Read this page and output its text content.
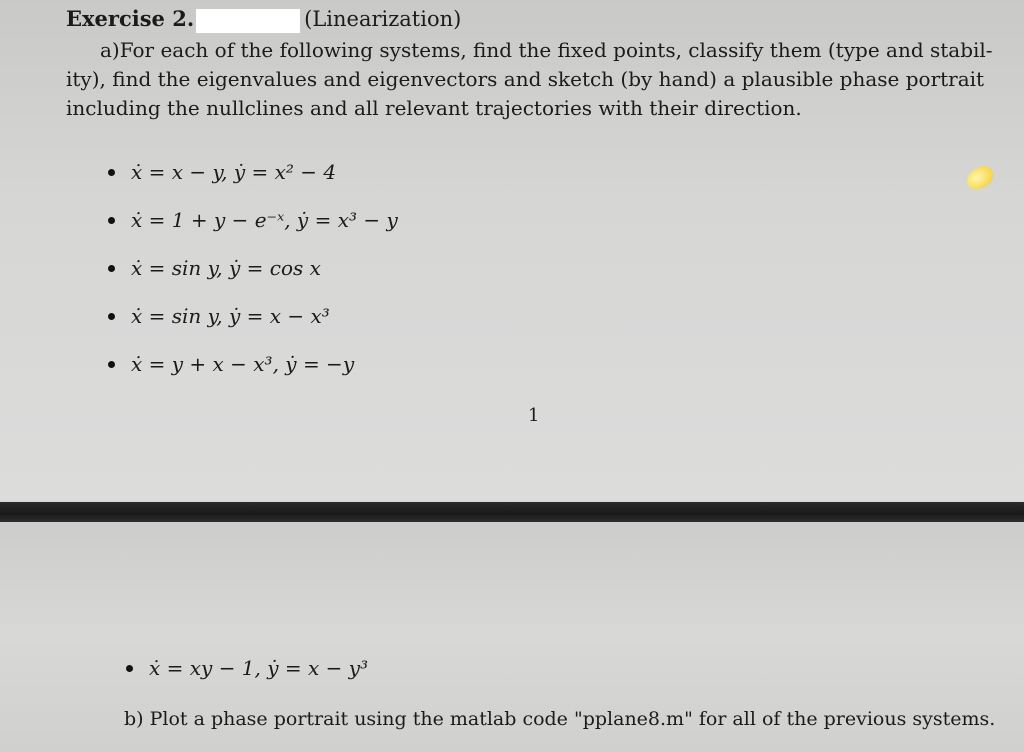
Exercise 2.	(Linearization)
a)For each of the following systems, find the fixed points, classify them (type and stabil-
ity), find the eigenvalues and eigenvectors and sketch (by hand) a plausible phase portrait
including the nullclines and all relevant trajectories with their direction.
ẋ = x − y, ẏ = x² − 4
ẋ = 1 + y − e⁻ˣ, ẏ = x³ − y
ẋ = sin y, ẏ = cos x
ẋ = sin y, ẏ = x − x³
ẋ = y + x − x³, ẏ = −y
1
ẋ = xy − 1, ẏ = x − y³
b) Plot a phase portrait using the matlab code "pplane8.m" for all of the previous systems.
